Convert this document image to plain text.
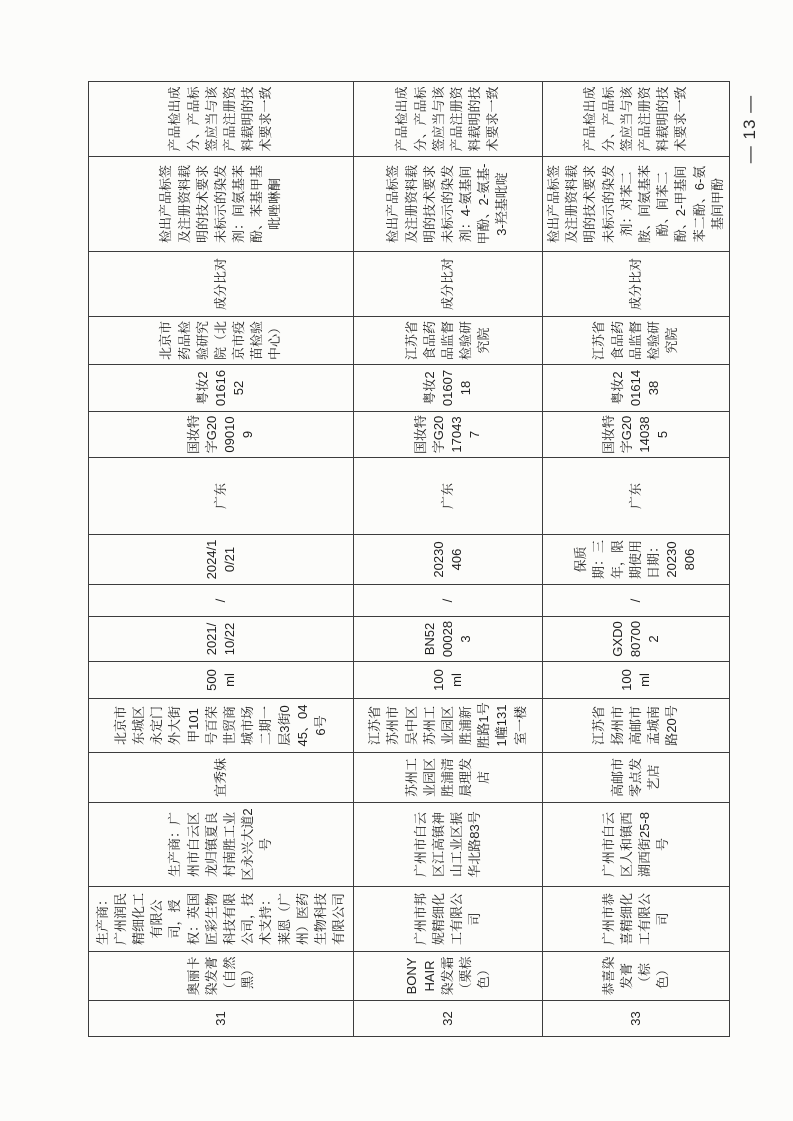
31	奥丽卡染发膏（自然黑）	生产商：广州润民精细化工有限公司，授权：英国匠彩生物科技有限公司，技术支持：莱恩（广州）医药生物科技有限公司	生产商：广州市白云区龙归镇夏良村南胜工业区永兴大道2号	宜秀妹	北京市东城区永定门外大街甲101号百荣世贸商城市场二期一层3街045、046号	500ml	2021/10/22	/	2024/10/21	广东	国妆特字G20090109	粤妆20161652	北京市药品检验研究院（北京市疫苗检验中心）	成分比对	检出产品标签及注册资料载明的技术要求未标示的染发剂：间氨基苯酚、苯基甲基吡唑啉酮	产品检出成分、产品标签应当与该产品注册资料载明的技术要求一致
32	BONY HAIR染发霜（栗棕色）	广州市邦妮精细化工有限公司	广州市白云区江高镇神山工业区振华北路83号	苏州工业园区胜浦清晨理发店	江苏省苏州市吴中区苏州工业园区胜浦新胜路1号1幢131室一楼	100ml	BN52000283	/	20230406	广东	国妆特字G20170437	粤妆20160718	江苏省食品药品监督检验研究院	成分比对	检出产品标签及注册资料载明的技术要求未标示的染发剂：4-氨基间甲酚、2-氨基-3-羟基吡啶	产品检出成分、产品标签应当与该产品注册资料载明的技术要求一致
33	恭喜染发膏（棕色）	广州市恭喜精细化工有限公司	广州市白云区人和镇西湖西街25-8号	高邮市零点发艺店	江苏省扬州市高邮市孟城南路20号	100ml	GXD0807002	/	保质期：三年，限期使用日期：20230806	广东	国妆特字G20140385	粤妆20161438	江苏省食品药品监督检验研究院	成分比对	检出产品标签及注册资料载明的技术要求未标示的染发剂：对苯二胺、间氨基苯酚、间苯二酚、2-甲基间苯二酚、6-氨基间甲酚	产品检出成分、产品标签应当与该产品注册资料载明的技术要求一致	— 13 —
